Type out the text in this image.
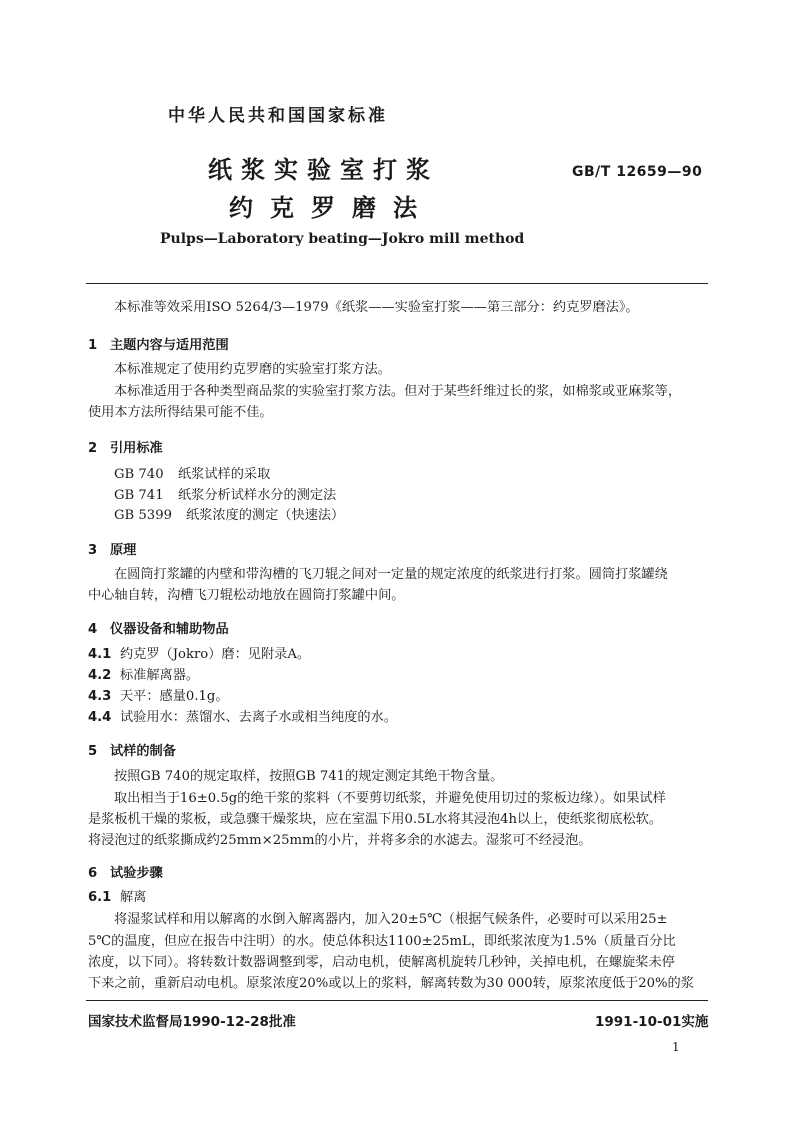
中华人民共和国国家标准
纸浆实验室打浆
约克罗磨法
GB/T 12659—90
Pulps—Laboratory beating—Jokro mill method
本标准等效采用ISO 5264/3—1979《纸浆——实验室打浆——第三部分：约克罗磨法》。
1 主题内容与适用范围
本标准规定了使用约克罗磨的实验室打浆方法。
本标准适用于各种类型商品浆的实验室打浆方法。但对于某些纤维过长的浆，如棉浆或亚麻浆等，
使用本方法所得结果可能不佳。
2 引用标准
GB 740 纸浆试样的采取
GB 741 纸浆分析试样水分的测定法
GB 5399 纸浆浓度的测定（快速法）
3 原理
在圆筒打浆罐的内壁和带沟槽的飞刀辊之间对一定量的规定浓度的纸浆进行打浆。圆筒打浆罐绕
中心轴自转，沟槽飞刀辊松动地放在圆筒打浆罐中间。
4 仪器设备和辅助物品
4.1 约克罗（Jokro）磨：见附录A。
4.2 标准解离器。
4.3 天平：感量0.1g。
4.4 试验用水：蒸馏水、去离子水或相当纯度的水。
5 试样的制备
按照GB 740的规定取样，按照GB 741的规定测定其绝干物含量。
取出相当于16±0.5g的绝干浆的浆料（不要剪切纸浆，并避免使用切过的浆板边缘）。如果试样
是浆板机干燥的浆板，或急骤干燥浆块，应在室温下用0.5L水将其浸泡4h以上，使纸浆彻底松软。
将浸泡过的纸浆撕成约25mm×25mm的小片，并将多余的水滤去。湿浆可不经浸泡。
6 试验步骤
6.1 解离
将湿浆试样和用以解离的水倒入解离器内，加入20±5℃（根据气候条件，必要时可以采用25±
5℃的温度，但应在报告中注明）的水。使总体积达1100±25mL，即纸浆浓度为1.5%（质量百分比
浓度，以下同）。将转数计数器调整到零，启动电机，使解离机旋转几秒钟，关掉电机，在螺旋桨未停
下来之前，重新启动电机。原浆浓度20%或以上的浆料，解离转数为30 000转，原浆浓度低于20%的浆
国家技术监督局1990-12-28批准	1991-10-01实施
1
